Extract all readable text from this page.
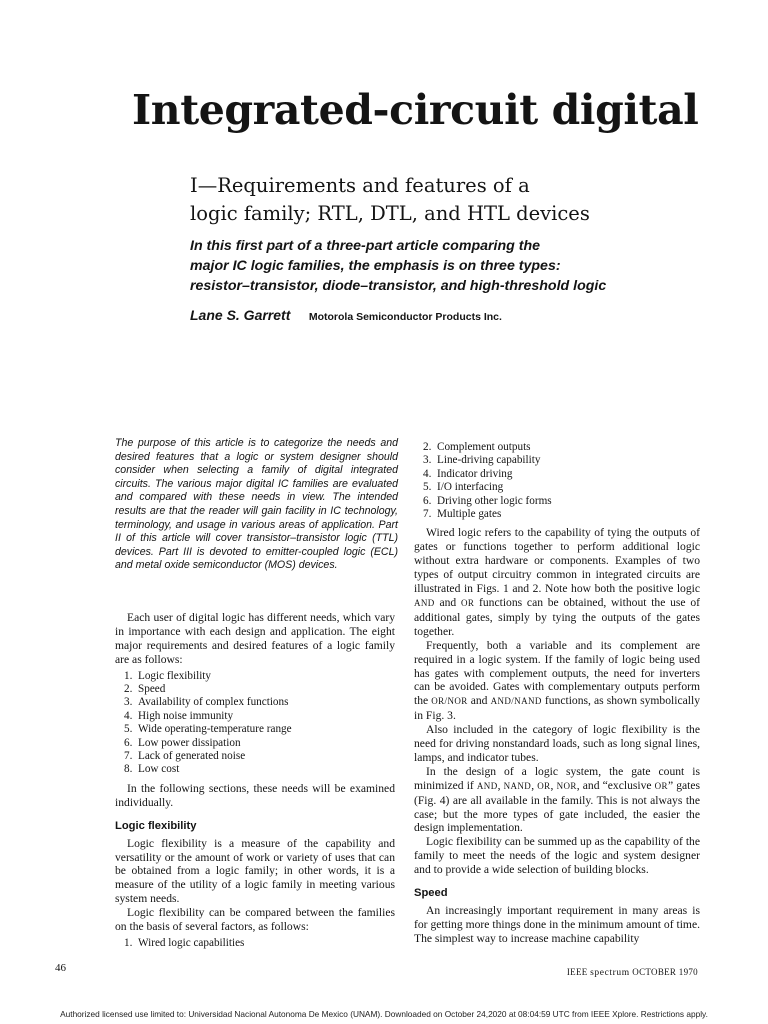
Integrated-circuit digital
I—Requirements and features of a
logic family; RTL, DTL, and HTL devices
In this first part of a three-part article comparing the
major IC logic families, the emphasis is on three types:
resistor–transistor, diode–transistor, and high-threshold logic
Lane S. Garrett Motorola Semiconductor Products Inc.
The purpose of this article is to categorize the needs and desired features that a logic or system designer should consider when selecting a family of digital integrated circuits. The various major digital IC families are evaluated and compared with these needs in view. The intended results are that the reader will gain facility in IC technology, terminology, and usage in various areas of application. Part II of this article will cover transistor–transistor logic (TTL) devices. Part III is devoted to emitter-coupled logic (ECL) and metal oxide semiconductor (MOS) devices.

Each user of digital logic has different needs, which vary in importance with each design and application. The eight major requirements and desired features of a logic family are as follows:

1. Logic flexibility
2. Speed
3. Availability of complex functions
4. High noise immunity
5. Wide operating-temperature range
6. Low power dissipation
7. Lack of generated noise
8. Low cost

In the following sections, these needs will be examined individually.

Logic flexibility

Logic flexibility is a measure of the capability and versatility or the amount of work or variety of uses that can be obtained from a logic family; in other words, it is a measure of the utility of a logic family in meeting various system needs.

Logic flexibility can be compared between the families on the basis of several factors, as follows:

1. Wired logic capabilities
2. Complement outputs
3. Line-driving capability
4. Indicator driving
5. I/O interfacing
6. Driving other logic forms
7. Multiple gates

Wired logic refers to the capability of tying the outputs of gates or functions together to perform additional logic without extra hardware or components. Examples of two types of output circuitry common in integrated circuits are illustrated in Figs. 1 and 2. Note how both the positive logic AND and OR functions can be obtained, without the use of additional gates, simply by tying the outputs of the gates together.

Frequently, both a variable and its complement are required in a logic system. If the family of logic being used has gates with complement outputs, the need for inverters can be avoided. Gates with complementary outputs perform the OR/NOR and AND/NAND functions, as shown symbolically in Fig. 3.

Also included in the category of logic flexibility is the need for driving nonstandard loads, such as long signal lines, lamps, and indicator tubes.

In the design of a logic system, the gate count is minimized if AND, NAND, OR, NOR, and “exclusive OR” gates (Fig. 4) are all available in the family. This is not always the case; but the more types of gate included, the easier the design implementation.

Logic flexibility can be summed up as the capability of the family to meet the needs of the logic and system designer and to provide a wide selection of building blocks.

Speed

An increasingly important requirement in many areas is for getting more things done in the minimum amount of time. The simplest way to increase machine capability

46	IEEE spectrum OCTOBER 1970
Authorized licensed use limited to: Universidad Nacional Autonoma De Mexico (UNAM). Downloaded on October 24,2020 at 08:04:59 UTC from IEEE Xplore. Restrictions apply.
